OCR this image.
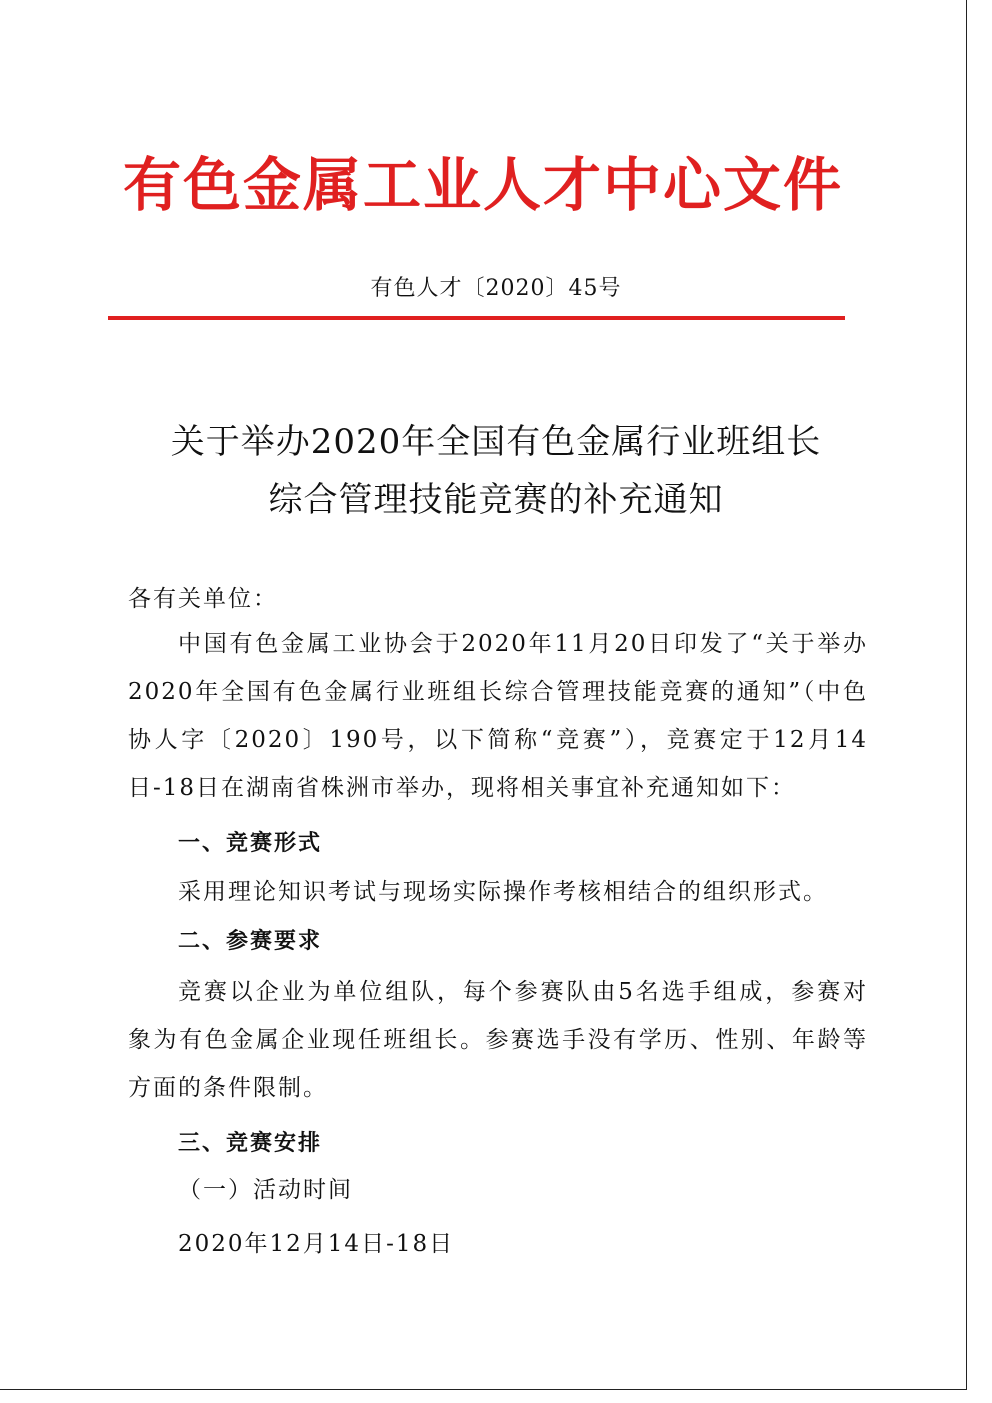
有色金属工业人才中心文件
有色人才〔2020〕45号
关于举办2020年全国有色金属行业班组长
综合管理技能竞赛的补充通知
各有关单位：
中国有色金属工业协会于2020年11月20日印发了“关于举办2020年全国有色金属行业班组长综合管理技能竞赛的通知”（中色协人字〔2020〕190号，以下简称“竞赛”），竞赛定于12月14日-18日在湖南省株洲市举办，现将相关事宜补充通知如下：
一、竞赛形式
采用理论知识考试与现场实际操作考核相结合的组织形式。
二、参赛要求
竞赛以企业为单位组队，每个参赛队由5名选手组成，参赛对象为有色金属企业现任班组长。参赛选手没有学历、性别、年龄等方面的条件限制。
三、竞赛安排
（一）活动时间
2020年12月14日-18日
